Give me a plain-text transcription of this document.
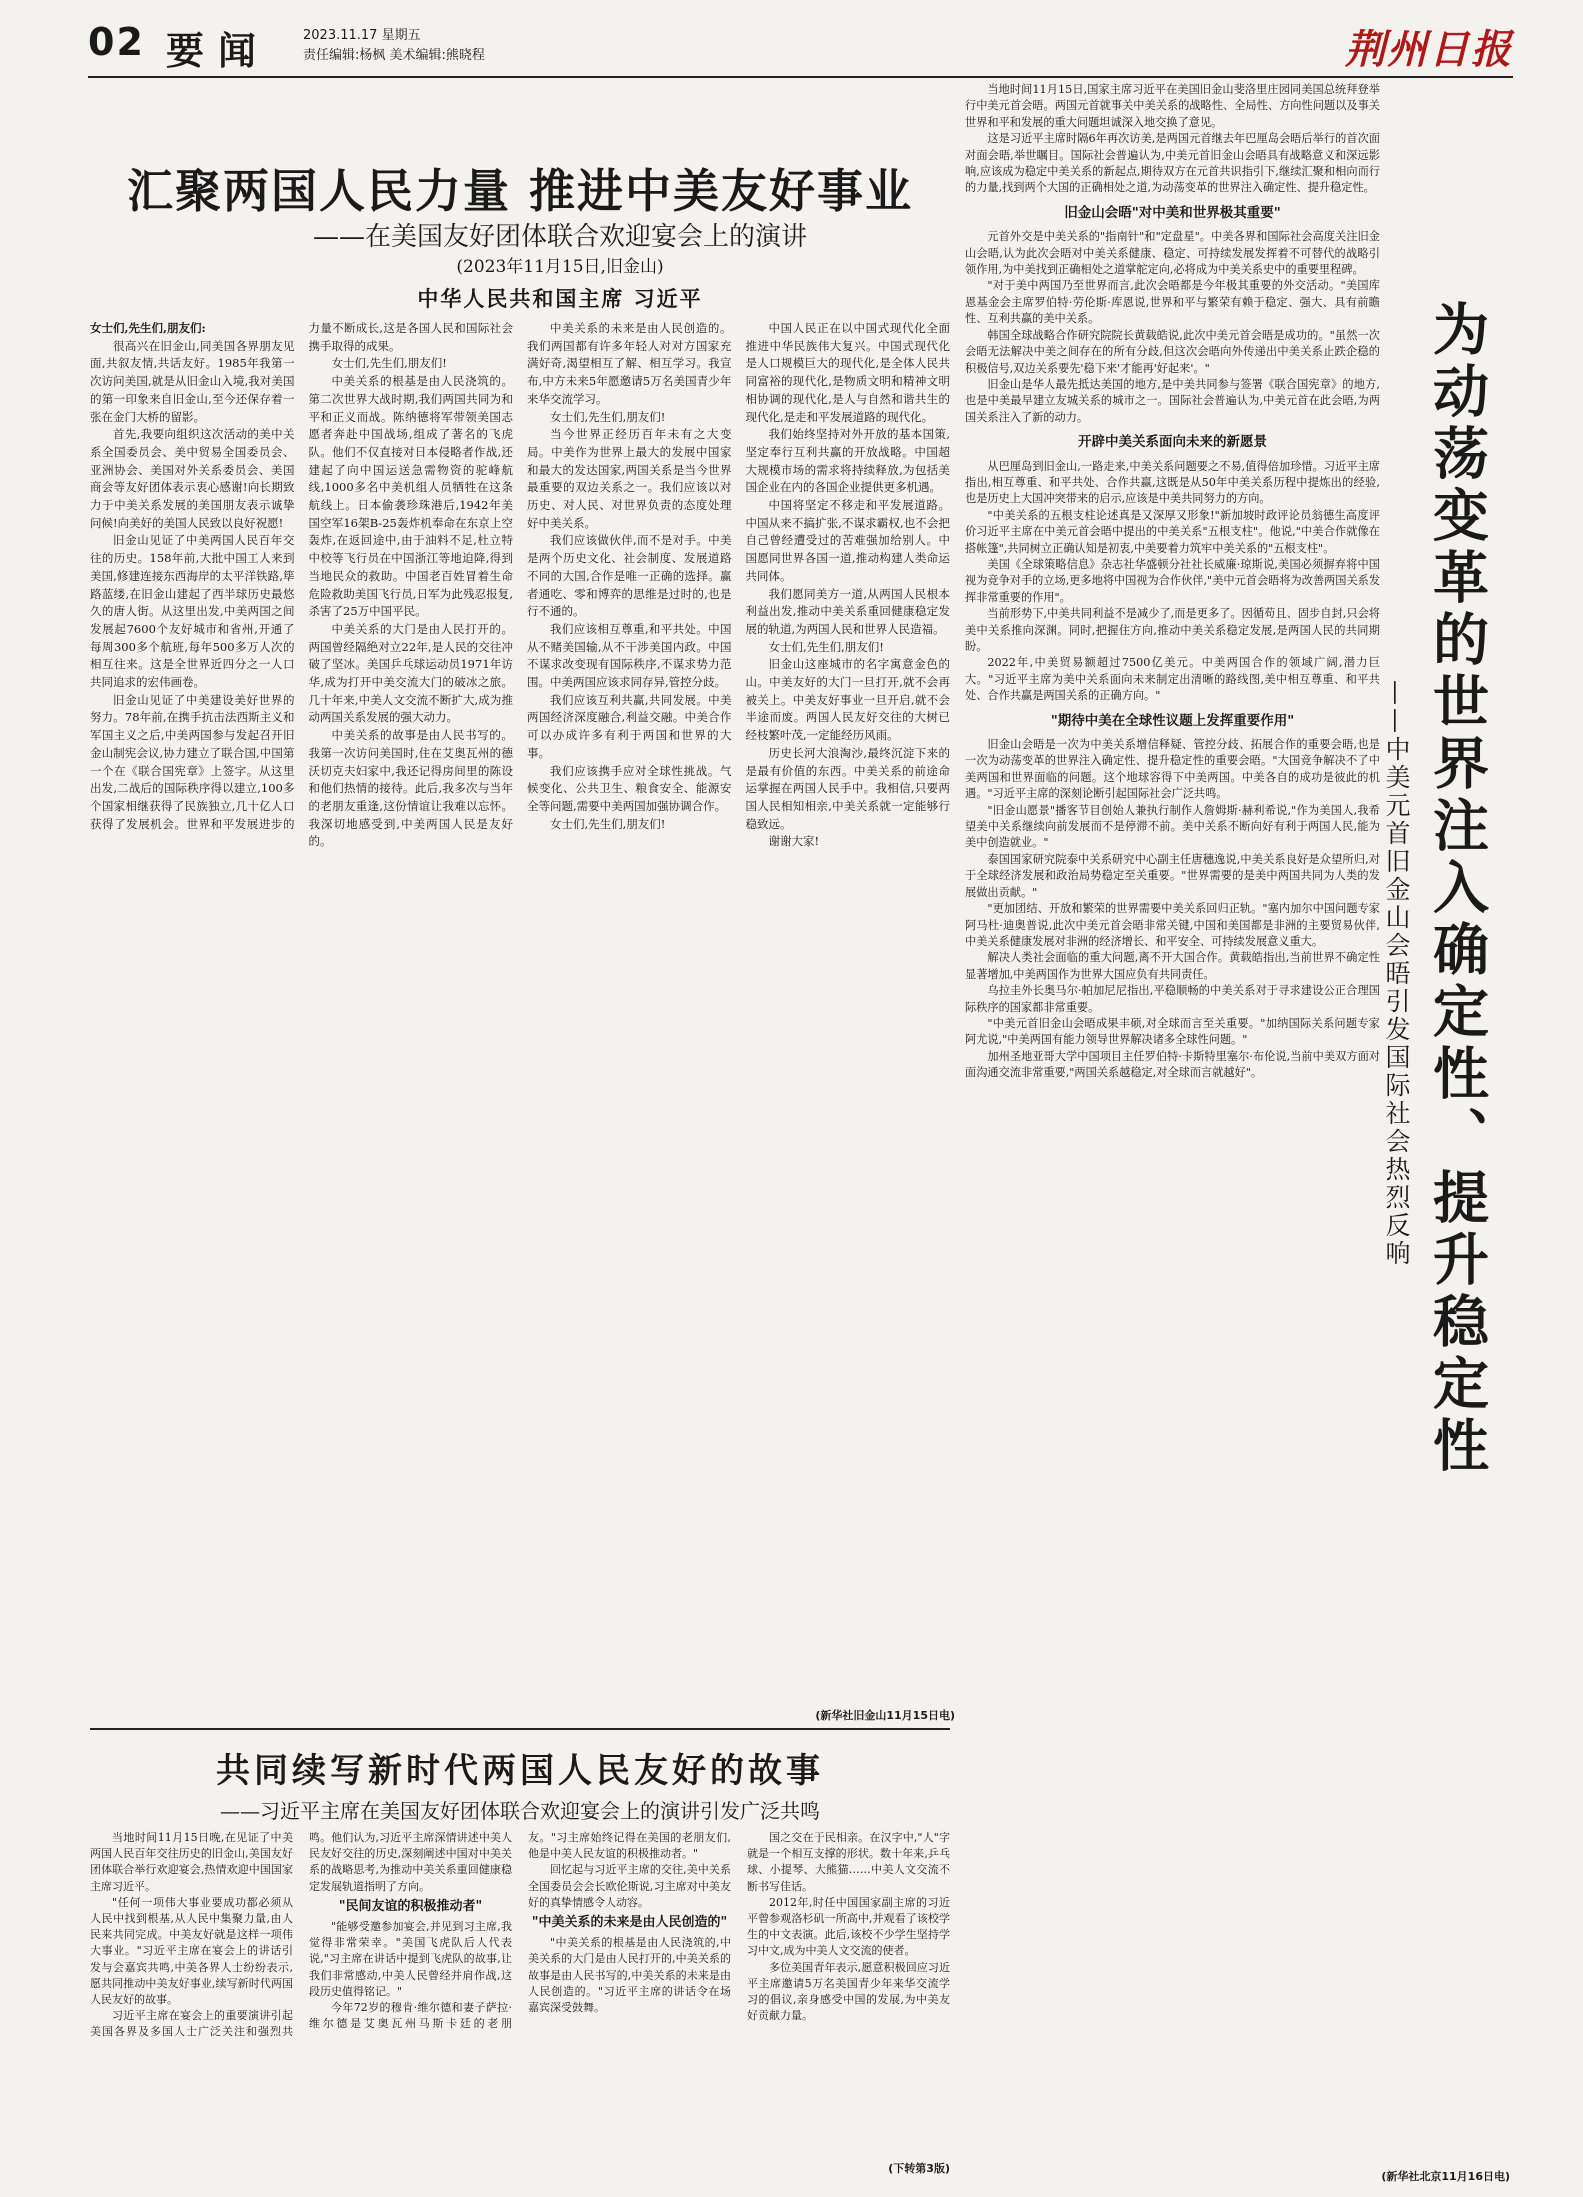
02 要闻	2023.11.17 星期五
责任编辑:杨枫 美术编辑:熊晓程	荆州日报
汇聚两国人民力量 推进中美友好事业
——在美国友好团体联合欢迎宴会上的演讲
(2023年11月15日,旧金山)
中华人民共和国主席 习近平

女士们,先生们,朋友们:

很高兴在旧金山,同美国各界朋友见面,共叙友情,共话友好。1985年我第一次访问美国,就是从旧金山入境,我对美国的第一印象来自旧金山,至今还保存着一张在金门大桥的留影。

首先,我要向组织这次活动的美中关系全国委员会、美中贸易全国委员会、亚洲协会、美国对外关系委员会、美国商会等友好团体表示衷心感谢!向长期致力于中美关系发展的美国朋友表示诚挚问候!向美好的美国人民致以良好祝愿!

旧金山见证了中美两国人民百年交往的历史。158年前,大批中国工人来到美国,修建连接东西海岸的太平洋铁路,筚路蓝缕,在旧金山建起了西半球历史最悠久的唐人街。从这里出发,中美两国之间发展起7600个友好城市和省州,开通了每周300多个航班,每年500多万人次的相互往来。这是全世界近四分之一人口共同追求的宏伟画卷。

旧金山见证了中美建设美好世界的努力。78年前,在携手抗击法西斯主义和军国主义之后,中美两国参与发起召开旧金山制宪会议,协力建立了联合国,中国第一个在《联合国宪章》上签字。从这里出发,二战后的国际秩序得以建立,100多个国家相继获得了民族独立,几十亿人口获得了发展机会。世界和平发展进步的力量不断成长,这是各国人民和国际社会携手取得的成果。

女士们,先生们,朋友们!

中美关系的根基是由人民浇筑的。第二次世界大战时期,我们两国共同为和平和正义而战。陈纳德将军带领美国志愿者奔赴中国战场,组成了著名的飞虎队。他们不仅直接对日本侵略者作战,还建起了向中国运送急需物资的驼峰航线,1000多名中美机组人员牺牲在这条航线上。日本偷袭珍珠港后,1942年美国空军16架B-25轰炸机奉命在东京上空轰炸,在返回途中,由于油料不足,杜立特中校等飞行员在中国浙江等地迫降,得到当地民众的救助。中国老百姓冒着生命危险救助美国飞行员,日军为此残忍报复,杀害了25万中国平民。

中美关系的大门是由人民打开的。两国曾经隔绝对立22年,是人民的交往冲破了坚冰。美国乒乓球运动员1971年访华,成为打开中美交流大门的破冰之旅。几十年来,中美人文交流不断扩大,成为推动两国关系发展的强大动力。

中美关系的故事是由人民书写的。我第一次访问美国时,住在艾奥瓦州的德沃切克夫妇家中,我还记得房间里的陈设和他们热情的接待。此后,我多次与当年的老朋友重逢,这份情谊让我难以忘怀。我深切地感受到,中美两国人民是友好的。

中美关系的未来是由人民创造的。我们两国都有许多年轻人对对方国家充满好奇,渴望相互了解、相互学习。我宣布,中方未来5年愿邀请5万名美国青少年来华交流学习。

女士们,先生们,朋友们!

当今世界正经历百年未有之大变局。中美作为世界上最大的发展中国家和最大的发达国家,两国关系是当今世界最重要的双边关系之一。我们应该以对历史、对人民、对世界负责的态度处理好中美关系。

我们应该做伙伴,而不是对手。中美是两个历史文化、社会制度、发展道路不同的大国,合作是唯一正确的选择。赢者通吃、零和博弈的思维是过时的,也是行不通的。

我们应该相互尊重,和平共处。中国从不赌美国输,从不干涉美国内政。中国不谋求改变现有国际秩序,不谋求势力范围。中美两国应该求同存异,管控分歧。

我们应该互利共赢,共同发展。中美两国经济深度融合,利益交融。中美合作可以办成许多有利于两国和世界的大事。

我们应该携手应对全球性挑战。气候变化、公共卫生、粮食安全、能源安全等问题,需要中美两国加强协调合作。

女士们,先生们,朋友们!

中国人民正在以中国式现代化全面推进中华民族伟大复兴。中国式现代化是人口规模巨大的现代化,是全体人民共同富裕的现代化,是物质文明和精神文明相协调的现代化,是人与自然和谐共生的现代化,是走和平发展道路的现代化。

我们始终坚持对外开放的基本国策,坚定奉行互利共赢的开放战略。中国超大规模市场的需求将持续释放,为包括美国企业在内的各国企业提供更多机遇。

中国将坚定不移走和平发展道路。中国从来不搞扩张,不谋求霸权,也不会把自己曾经遭受过的苦难强加给别人。中国愿同世界各国一道,推动构建人类命运共同体。

我们愿同美方一道,从两国人民根本利益出发,推动中美关系重回健康稳定发展的轨道,为两国人民和世界人民造福。

女士们,先生们,朋友们!

旧金山这座城市的名字寓意金色的山。中美友好的大门一旦打开,就不会再被关上。中美友好事业一旦开启,就不会半途而废。两国人民友好交往的大树已经枝繁叶茂,一定能经历风雨。

历史长河大浪淘沙,最终沉淀下来的是最有价值的东西。中美关系的前途命运掌握在两国人民手中。我相信,只要两国人民相知相亲,中美关系就一定能够行稳致远。

谢谢大家!

(新华社旧金山11月15日电)

当地时间11月15日,国家主席习近平在美国旧金山斐洛里庄园同美国总统拜登举行中美元首会晤。两国元首就事关中美关系的战略性、全局性、方向性问题以及事关世界和平和发展的重大问题坦诚深入地交换了意见。

这是习近平主席时隔6年再次访美,是两国元首继去年巴厘岛会晤后举行的首次面对面会晤,举世瞩目。国际社会普遍认为,中美元首旧金山会晤具有战略意义和深远影响,应该成为稳定中美关系的新起点,期待双方在元首共识指引下,继续汇聚和相向而行的力量,找到两个大国的正确相处之道,为动荡变革的世界注入确定性、提升稳定性。

旧金山会晤"对中美和世界极其重要"

元首外交是中美关系的"指南针"和"定盘星"。中美各界和国际社会高度关注旧金山会晤,认为此次会晤对中美关系健康、稳定、可持续发展发挥着不可替代的战略引领作用,为中美找到正确相处之道掌舵定向,必将成为中美关系史中的重要里程碑。

"对于美中两国乃至世界而言,此次会晤都是今年极其重要的外交活动。"美国库恩基金会主席罗伯特·劳伦斯·库恩说,世界和平与繁荣有赖于稳定、强大、具有前瞻性、互利共赢的美中关系。

韩国全球战略合作研究院院长黄载皓说,此次中美元首会晤是成功的。"虽然一次会晤无法解决中美之间存在的所有分歧,但这次会晤向外传递出中美关系止跌企稳的积极信号,双边关系要先'稳下来'才能再'好起来'。"

旧金山是华人最先抵达美国的地方,是中美共同参与签署《联合国宪章》的地方,也是中美最早建立友城关系的城市之一。国际社会普遍认为,中美元首在此会晤,为两国关系注入了新的动力。

开辟中美关系面向未来的新愿景

从巴厘岛到旧金山,一路走来,中美关系问题要之不易,值得倍加珍惜。习近平主席指出,相互尊重、和平共处、合作共赢,这既是从50年中美关系历程中提炼出的经验,也是历史上大国冲突带来的启示,应该是中美共同努力的方向。

"中美关系的五根支柱论述真是又深厚又形象!"新加坡时政评论员翁德生高度评价习近平主席在中美元首会晤中提出的中美关系"五根支柱"。他说,"中美合作就像在搭帐篷",共同树立正确认知是初衷,中美要着力筑牢中美关系的"五根支柱"。

美国《全球策略信息》杂志社华盛顿分社社长威廉·琼斯说,美国必须摒弃将中国视为竞争对手的立场,更多地将中国视为合作伙伴,"美中元首会晤将为改善两国关系发挥非常重要的作用"。

当前形势下,中美共同利益不是减少了,而是更多了。因循苟且、固步自封,只会将美中关系推向深渊。同时,把握住方向,推动中美关系稳定发展,是两国人民的共同期盼。

2022年,中美贸易额超过7500亿美元。中美两国合作的领域广阔,潜力巨大。"习近平主席为美中关系面向未来制定出清晰的路线图,美中相互尊重、和平共处、合作共赢是两国关系的正确方向。"

"期待中美在全球性议题上发挥重要作用"

旧金山会晤是一次为中美关系增信释疑、管控分歧、拓展合作的重要会晤,也是一次为动荡变革的世界注入确定性、提升稳定性的重要会晤。"大国竞争解决不了中美两国和世界面临的问题。这个地球容得下中美两国。中美各自的成功是彼此的机遇。"习近平主席的深刻论断引起国际社会广泛共鸣。

"旧金山愿景"播客节目创始人兼执行制作人詹姆斯·赫利希说,"作为美国人,我希望美中关系继续向前发展而不是停滞不前。美中关系不断向好有利于两国人民,能为美中创造就业。"

泰国国家研究院泰中关系研究中心副主任唐穗逸说,中美关系良好是众望所归,对于全球经济发展和政治局势稳定至关重要。"世界需要的是美中两国共同为人类的发展做出贡献。"

"更加团结、开放和繁荣的世界需要中美关系回归正轨。"塞内加尔中国问题专家阿马杜·迪奥普说,此次中美元首会晤非常关键,中国和美国都是非洲的主要贸易伙伴,中美关系健康发展对非洲的经济增长、和平安全、可持续发展意义重大。

解决人类社会面临的重大问题,离不开大国合作。黄载皓指出,当前世界不确定性显著增加,中美两国作为世界大国应负有共同责任。

乌拉圭外长奥马尔·帕加尼尼指出,平稳顺畅的中美关系对于寻求建设公正合理国际秩序的国家都非常重要。

"中美元首旧金山会晤成果丰硕,对全球而言至关重要。"加纳国际关系问题专家阿尤说,"中美两国有能力领导世界解决诸多全球性问题。"

加州圣地亚哥大学中国项目主任罗伯特·卡斯特里塞尔·布伦说,当前中美双方面对面沟通交流非常重要,"两国关系越稳定,对全球而言就越好"。

(新华社北京11月16日电)
为动荡变革的世界注入确定性、提升稳定性
——中美元首旧金山会晤引发国际社会热烈反响
共同续写新时代两国人民友好的故事
——习近平主席在美国友好团体联合欢迎宴会上的演讲引发广泛共鸣

当地时间11月15日晚,在见证了中美两国人民百年交往历史的旧金山,美国友好团体联合举行欢迎宴会,热情欢迎中国国家主席习近平。

"任何一项伟大事业要成功都必须从人民中找到根基,从人民中集聚力量,由人民来共同完成。中美友好就是这样一项伟大事业。"习近平主席在宴会上的讲话引发与会嘉宾共鸣,中美各界人士纷纷表示,愿共同推动中美友好事业,续写新时代两国人民友好的故事。

习近平主席在宴会上的重要演讲引起美国各界及多国人士广泛关注和强烈共鸣。他们认为,习近平主席深情讲述中美人民友好交往的历史,深刻阐述中国对中美关系的战略思考,为推动中美关系重回健康稳定发展轨道指明了方向。

"民间友谊的积极推动者"

"能够受邀参加宴会,并见到习主席,我觉得非常荣幸。"美国飞虎队后人代表说,"习主席在讲话中提到飞虎队的故事,让我们非常感动,中美人民曾经并肩作战,这段历史值得铭记。"

今年72岁的穆肯·维尔德和妻子萨拉·维尔德是艾奥瓦州马斯卡廷的老朋友。"习主席始终记得在美国的老朋友们,他是中美人民友谊的积极推动者。"

回忆起与习近平主席的交往,美中关系全国委员会会长欧伦斯说,习主席对中美友好的真挚情感令人动容。

"中美关系的未来是由人民创造的"

"中美关系的根基是由人民浇筑的,中美关系的大门是由人民打开的,中美关系的故事是由人民书写的,中美关系的未来是由人民创造的。"习近平主席的讲话令在场嘉宾深受鼓舞。

国之交在于民相亲。在汉字中,"人"字就是一个相互支撑的形状。数十年来,乒乓球、小提琴、大熊猫……中美人文交流不断书写佳话。

2012年,时任中国国家副主席的习近平曾参观洛杉矶一所高中,并观看了该校学生的中文表演。此后,该校不少学生坚持学习中文,成为中美人文交流的使者。

多位美国青年表示,愿意积极回应习近平主席邀请5万名美国青少年来华交流学习的倡议,亲身感受中国的发展,为中美友好贡献力量。

(下转第3版)
